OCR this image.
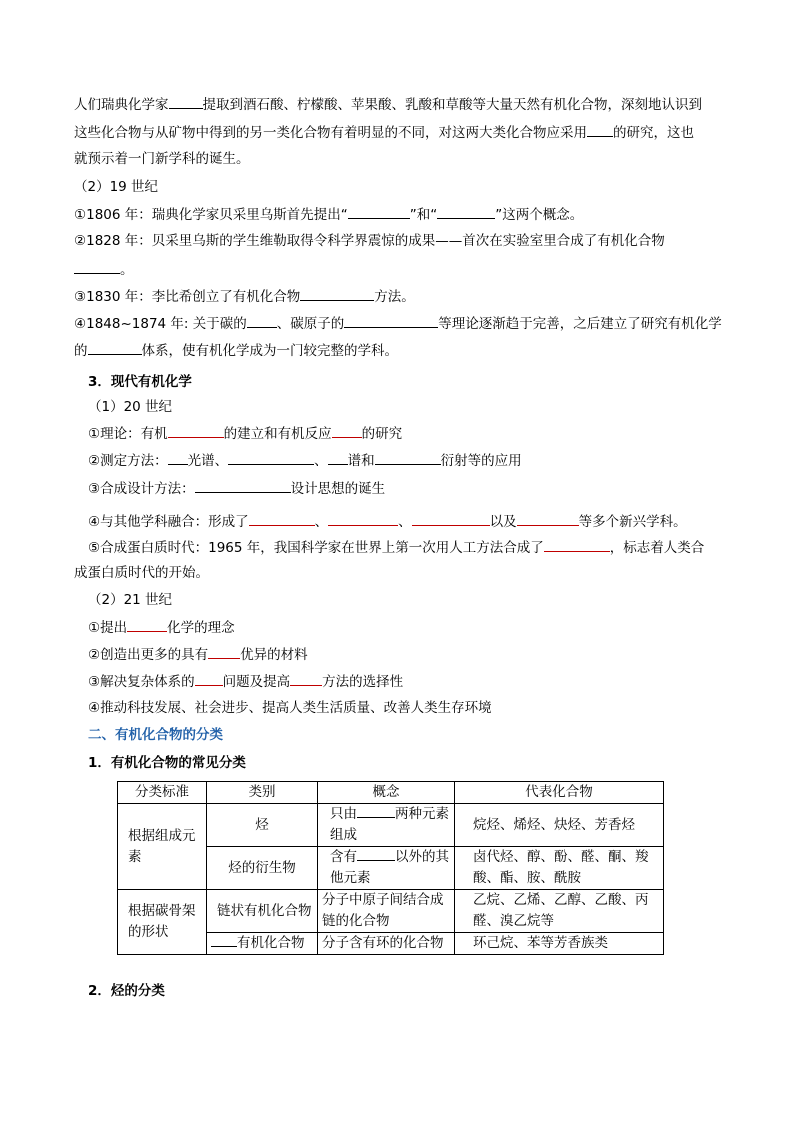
人们瑞典化学家	提取到酒石酸、柠檬酸、苹果酸、乳酸和草酸等大量天然有机化合物，深刻地认识到
这些化合物与从矿物中得到的另一类化合物有着明显的不同，对这两大类化合物应采用 的研究，这也
就预示着一门新学科的诞生。
（2）19 世纪
①1806 年：瑞典化学家贝采里乌斯首先提出“	”和“	”这两个概念。
②1828 年：贝采里乌斯的学生维勒取得令科学界震惊的成果——首次在实验室里合成了有机化合物
。
③1830 年：李比希创立了有机化合物	方法。
④1848~1874 年: 关于碳的 、碳原子的	等理论逐渐趋于完善，之后建立了研究有机化学
的	体系，使有机化学成为一门较完整的学科。
3．现代有机化学
（1）20 世纪
①理论：有机	的建立和有机反应 的研究
②测定方法： 光谱、	、 谱和	衍射等的应用
③合成设计方法：	设计思想的诞生
④与其他学科融合：形成了	、	、	以及	等多个新兴学科。
⑤合成蛋白质时代：1965 年，我国科学家在世界上第一次用人工方法合成了	，标志着人类合
成蛋白质时代的开始。
（2）21 世纪
①提出	化学的理念
②创造出更多的具有 优异的材料
③解决复杂体系的 问题及提高 方法的选择性
④推动科技发展、社会进步、提高人类生活质量、改善人类生存环境
二、有机化合物的分类
1．有机化合物的常见分类
分类标准	类别	概念	代表化合物
根据组成元素	烃	只由 两种元素组成	烷烃、烯烃、炔烃、芳香烃
	烃的衍生物	含有 以外的其他元素	卤代烃、醇、酚、醛、酮、羧酸、酯、胺、酰胺
根据碳骨架的形状	链状有机化合物	分子中原子间结合成链的化合物	乙烷、乙烯、乙醇、乙酸、丙醛、溴乙烷等
	有机化合物	分子含有环的化合物	环己烷、苯等芳香族类
2．烃的分类
